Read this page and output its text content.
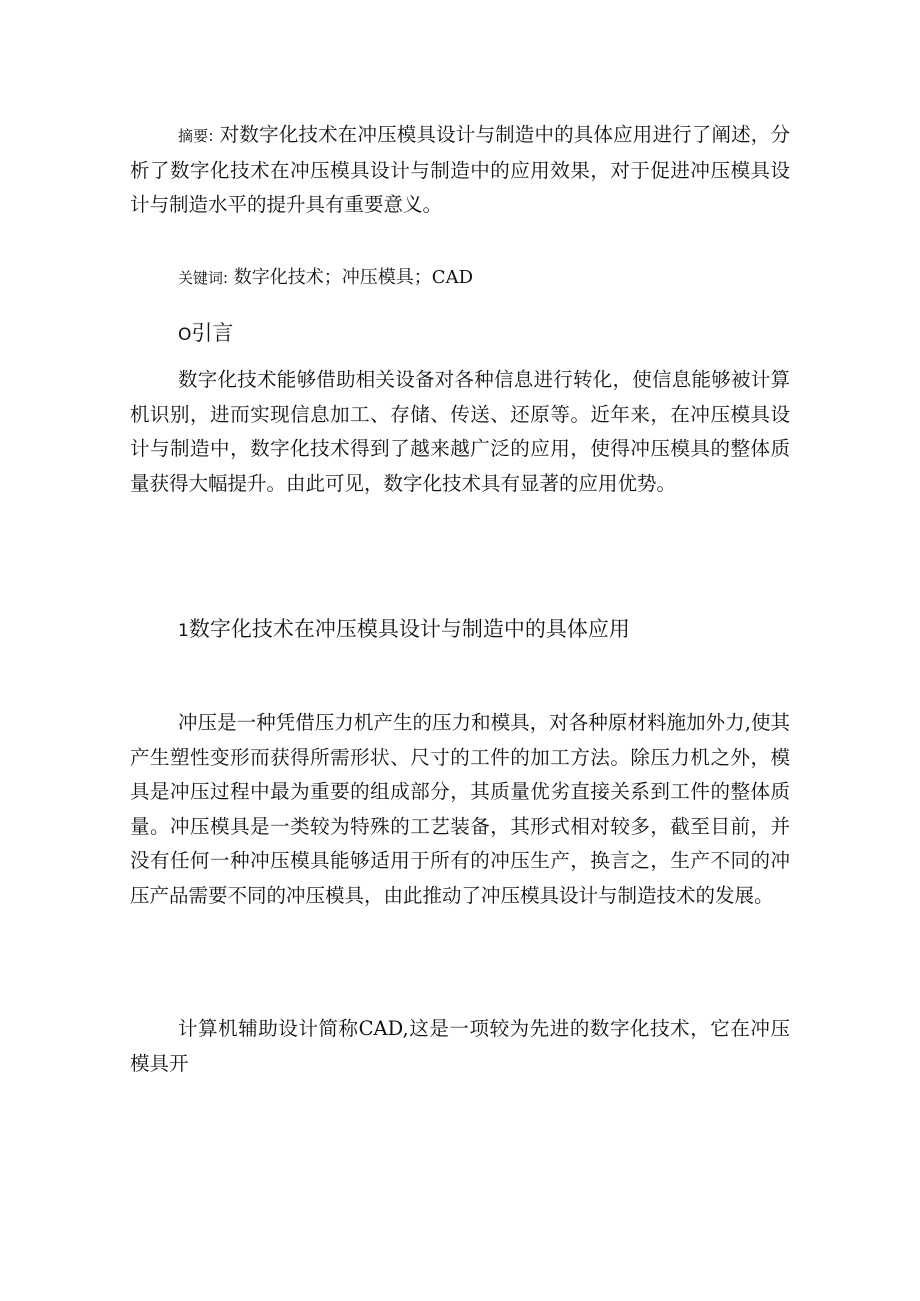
摘要: 对数字化技术在冲压模具设计与制造中的具体应用进行了阐述，分析了数字化技术在冲压模具设计与制造中的应用效果，对于促进冲压模具设计与制造水平的提升具有重要意义。

关键词: 数字化技术；冲压模具；CAD

O引言

数字化技术能够借助相关设备对各种信息进行转化，使信息能够被计算机识别，进而实现信息加工、存储、传送、还原等。近年来，在冲压模具设计与制造中，数字化技术得到了越来越广泛的应用，使得冲压模具的整体质量获得大幅提升。由此可见，数字化技术具有显著的应用优势。

1数字化技术在冲压模具设计与制造中的具体应用

冲压是一种凭借压力机产生的压力和模具，对各种原材料施加外力,使其产生塑性变形而获得所需形状、尺寸的工件的加工方法。除压力机之外，模具是冲压过程中最为重要的组成部分，其质量优劣直接关系到工件的整体质量。冲压模具是一类较为特殊的工艺装备，其形式相对较多，截至目前，并没有任何一种冲压模具能够适用于所有的冲压生产，换言之，生产不同的冲压产品需要不同的冲压模具，由此推动了冲压模具设计与制造技术的发展。

计算机辅助设计简称CAD,这是一项较为先进的数字化技术，它在冲压模具开
